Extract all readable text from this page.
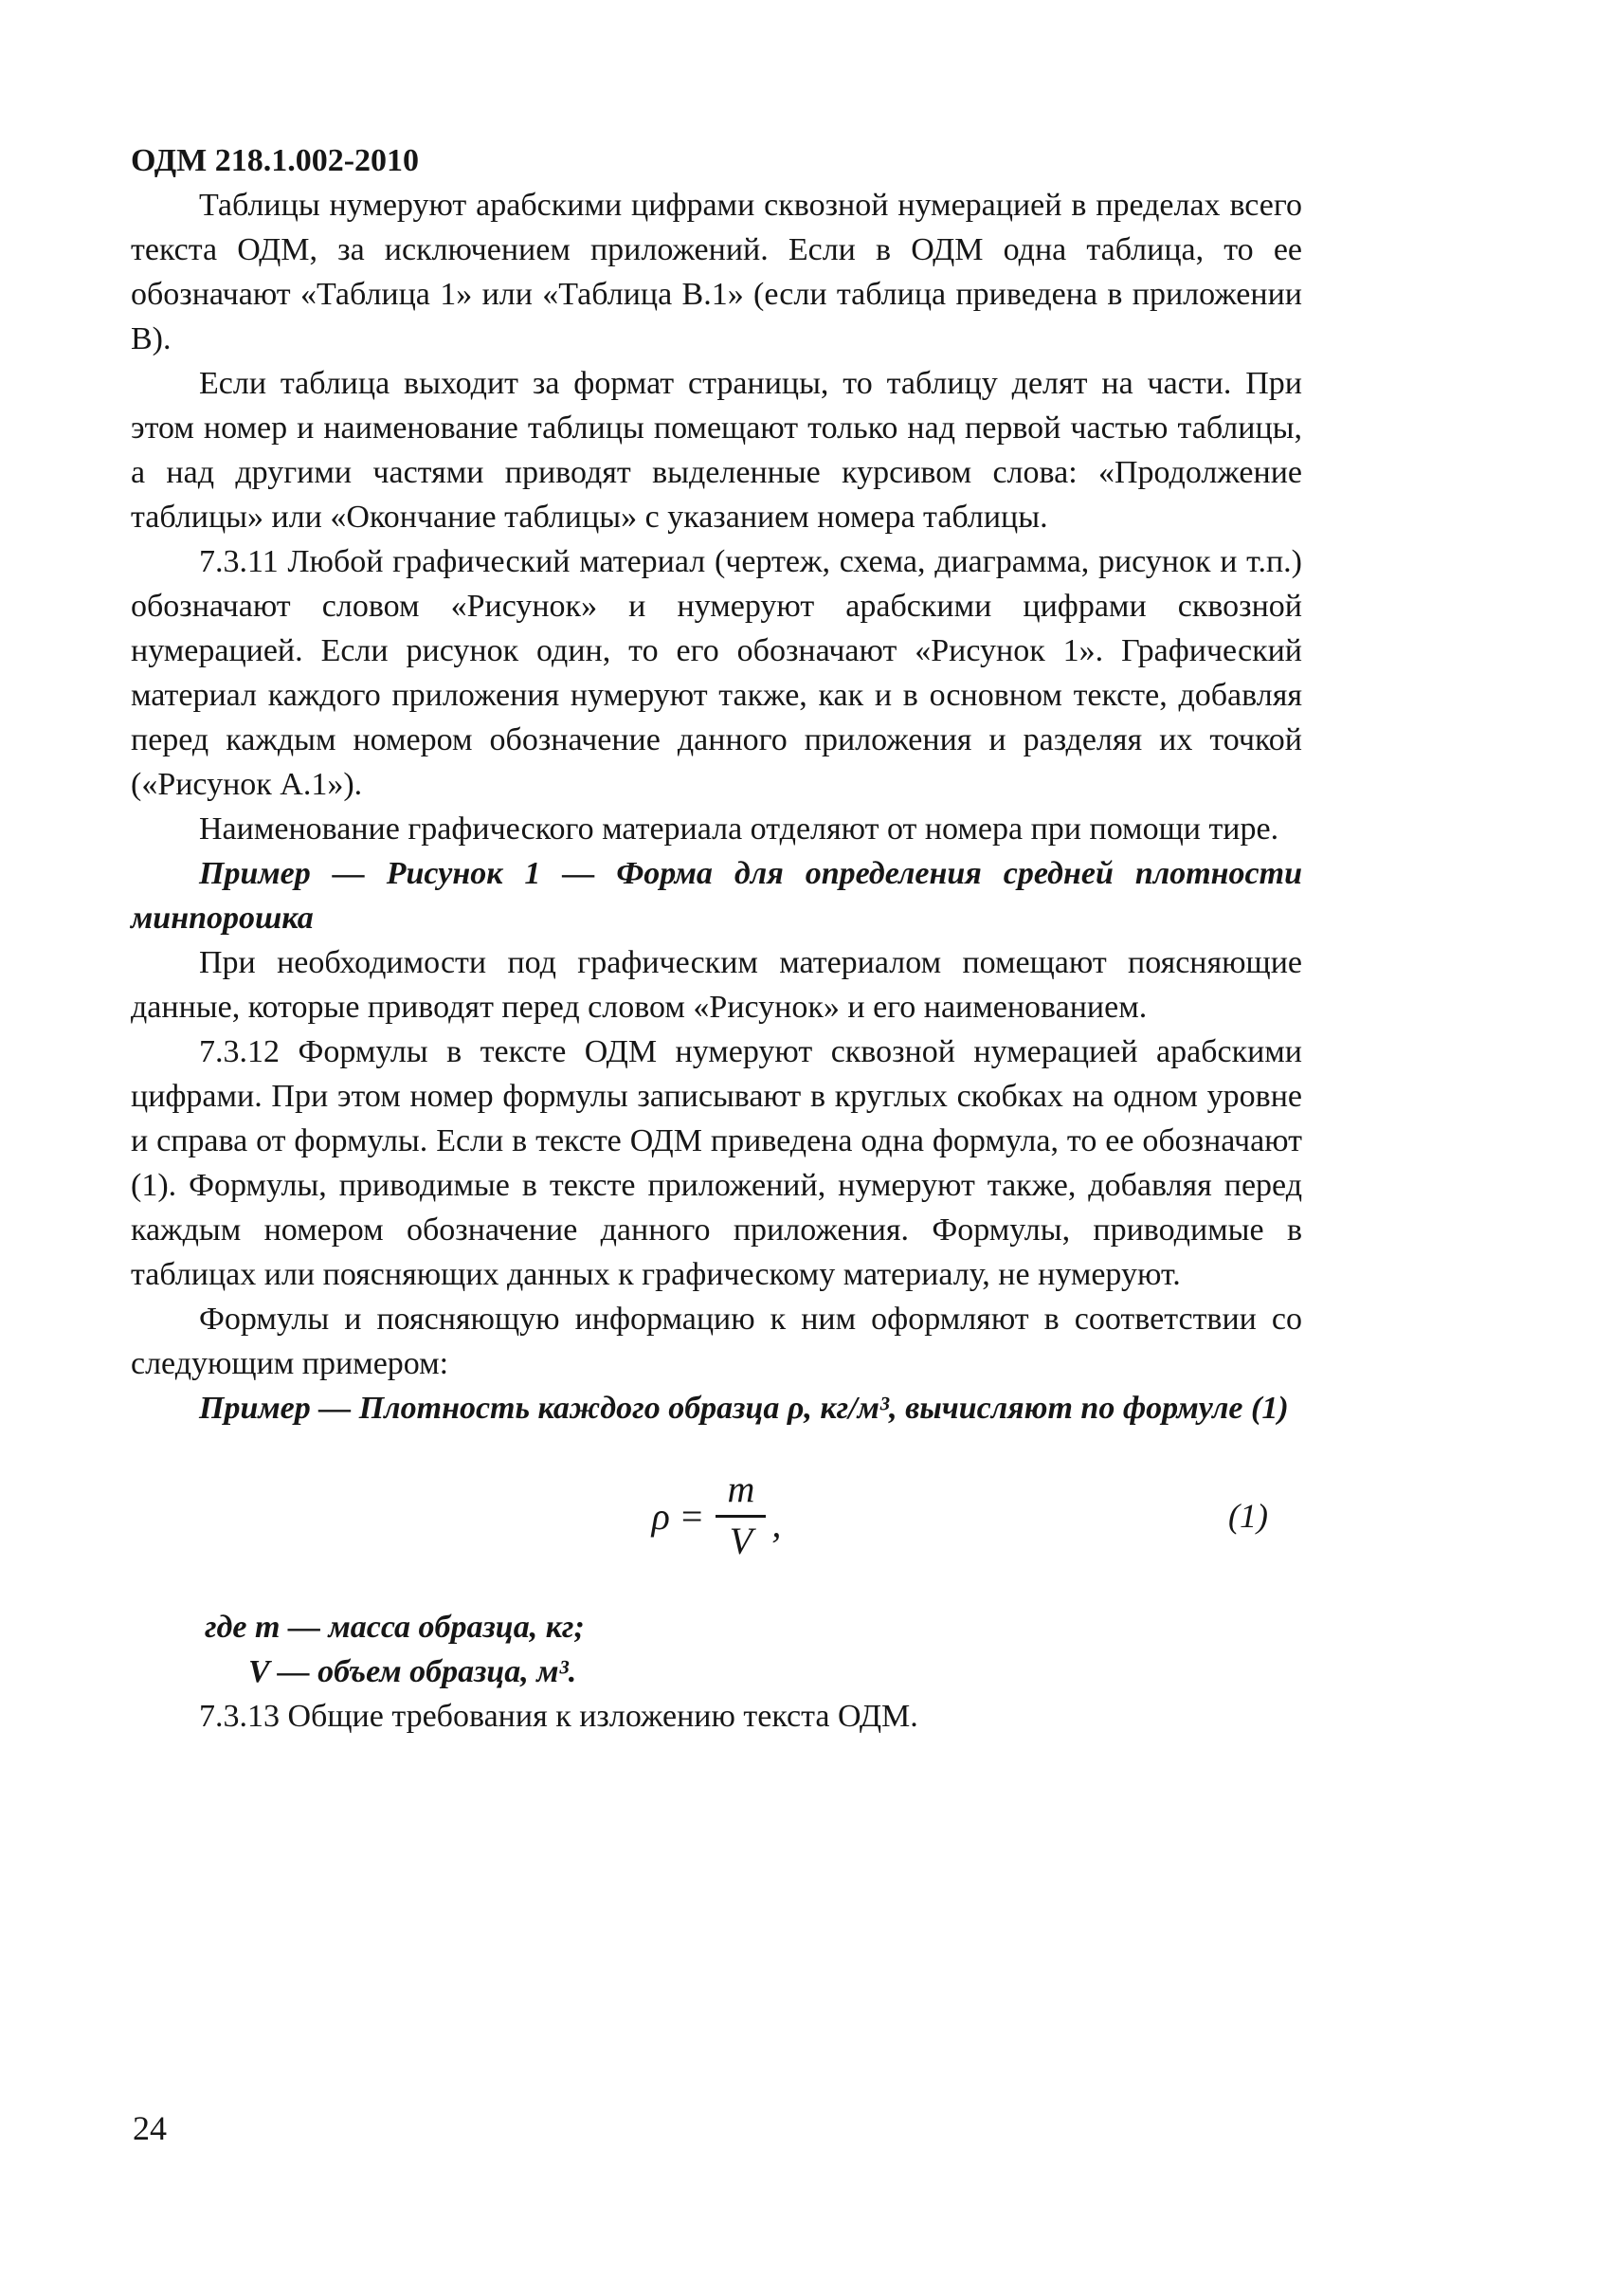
ОДМ 218.1.002-2010

Таблицы нумеруют арабскими цифрами сквозной нумерацией в пределах всего текста ОДМ, за исключением приложений. Если в ОДМ одна таблица, то ее обозначают «Таблица 1» или «Таблица В.1» (если таблица приведена в приложении В).

Если таблица выходит за формат страницы, то таблицу делят на части. При этом номер и наименование таблицы помещают только над первой частью таблицы, а над другими частями приводят выделенные курсивом слова: «Продолжение таблицы» или «Окончание таблицы» с указанием номера таблицы.

7.3.11 Любой графический материал (чертеж, схема, диаграмма, рисунок и т.п.) обозначают словом «Рисунок» и нумеруют арабскими цифрами сквозной нумерацией. Если рисунок один, то его обозначают «Рисунок 1». Графический материал каждого приложения нумеруют также, как и в основном тексте, добавляя перед каждым номером обозначение данного приложения и разделяя их точкой («Рисунок А.1»).

Наименование графического материала отделяют от номера при помощи тире.

Пример — Рисунок 1 — Форма для определения средней плотности минпорошка

При необходимости под графическим материалом помещают поясняющие данные, которые приводят перед словом «Рисунок» и его наименованием.

7.3.12 Формулы в тексте ОДМ нумеруют сквозной нумерацией арабскими цифрами. При этом номер формулы записывают в круглых скобках на одном уровне и справа от формулы. Если в тексте ОДМ приведена одна формула, то ее обозначают (1). Формулы, приводимые в тексте приложений, нумеруют также, добавляя перед каждым номером обозначение данного приложения. Формулы, приводимые в таблицах или поясняющих данных к графическому материалу, не нумеруют.

Формулы и поясняющую информацию к ним оформляют в соответствии со следующим примером:

Пример — Плотность каждого образца ρ, кг/м³, вычисляют по формуле (1)

$\rho = \frac{m}{V}$ ,	(1)

где m — масса образца, кг;

V — объем образца, м³.

7.3.13 Общие требования к изложению текста ОДМ.

24
